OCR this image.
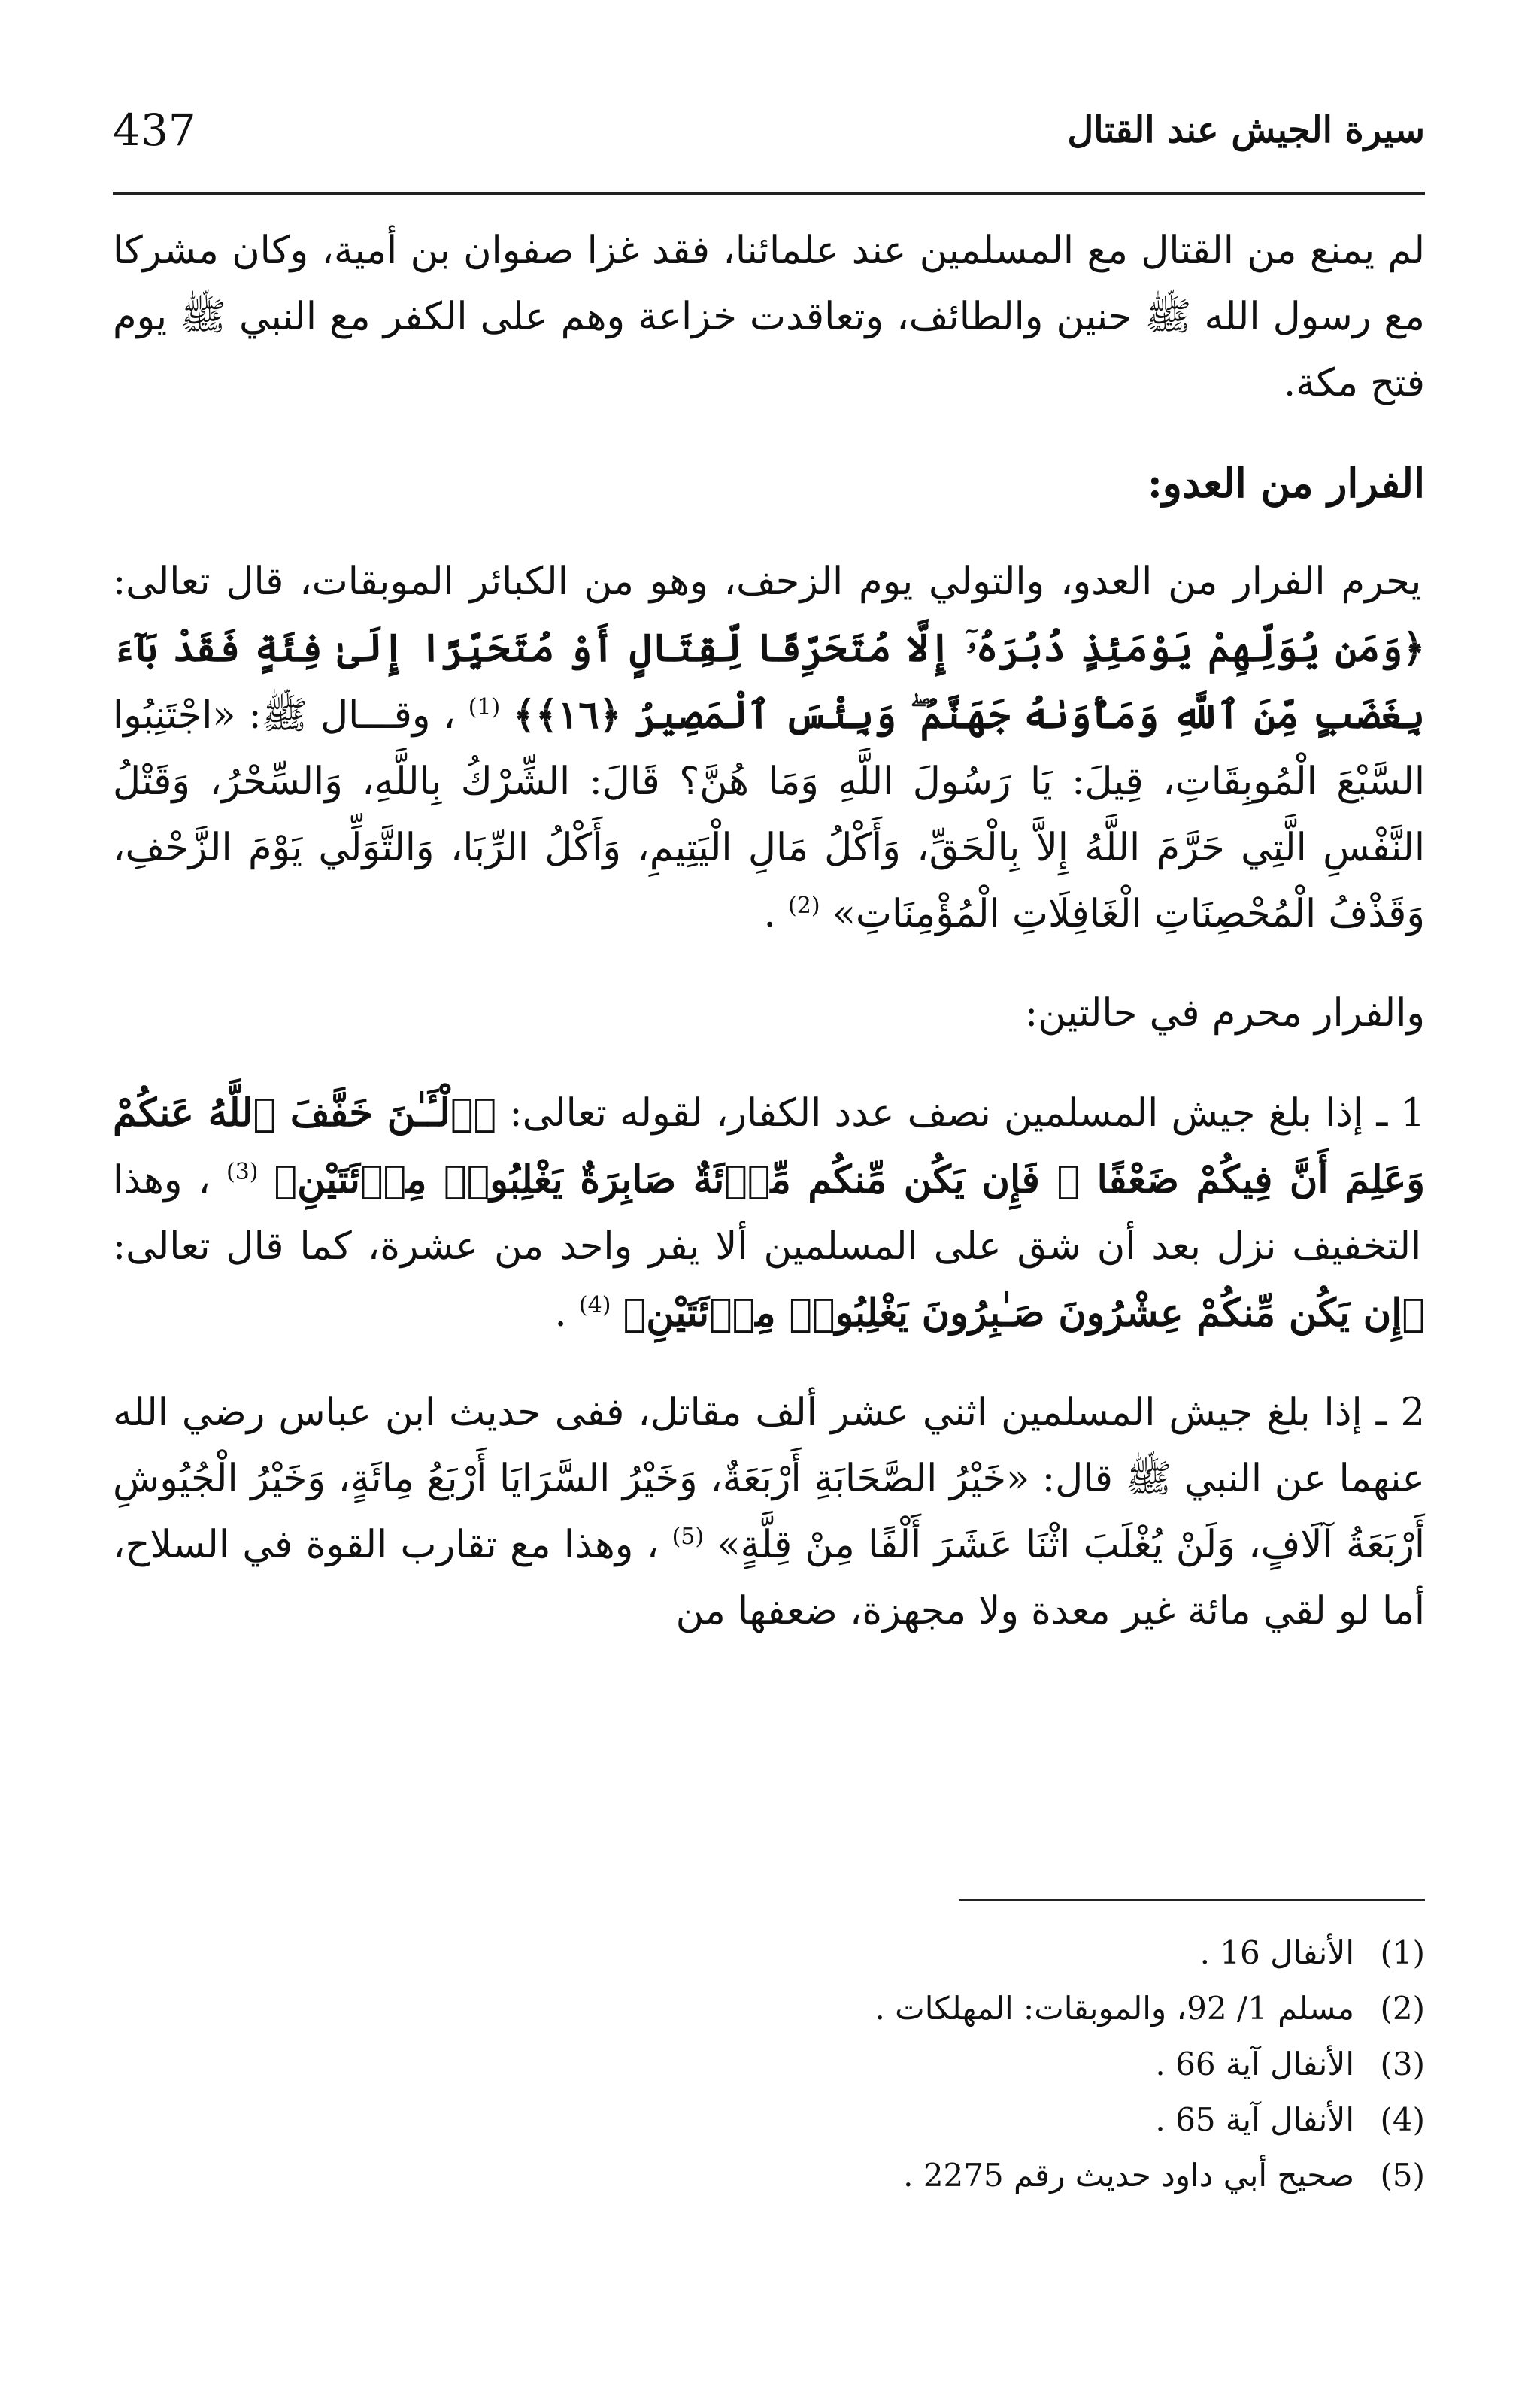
سيرة الجيش عند القتال
437

لم يمنع من القتال مع المسلمين عند علمائنا، فقد غزا صفوان بن أمية، وكان مشركا مع رسول الله ﷺ حنين والطائف، وتعاقدت خزاعة وهم على الكفر مع النبي ﷺ يوم فتح مكة.

الفرار من العدو:

يحرم الفرار من العدو، والتولي يوم الزحف، وهو من الكبائر الموبقات، قال تعالى: ﴿وَمَن يُوَلِّهِمْ يَوْمَئِذٍ دُبُرَهُۥٓ إِلَّا مُتَحَرِّفًا لِّقِتَالٍ أَوْ مُتَحَيِّزًا إِلَىٰ فِئَةٍ فَقَدْ بَآءَ بِغَضَبٍ مِّنَ ٱللَّهِ وَمَأْوَىٰهُ جَهَنَّمُ ۖ وَبِئْسَ ٱلْمَصِيرُ ﴿١٦﴾﴾ $^{(1)}$ ، وقـــال ﷺ: «اجْتَنِبُوا السَّبْعَ الْمُوبِقَاتِ، قِيلَ: يَا رَسُولَ اللَّهِ وَمَا هُنَّ؟ قَالَ: الشِّرْكُ بِاللَّهِ، وَالسِّحْرُ، وَقَتْلُ النَّفْسِ الَّتِي حَرَّمَ اللَّهُ إِلاَّ بِالْحَقِّ، وَأَكْلُ مَالِ الْيَتِيمِ، وَأَكْلُ الرِّبَا، وَالتَّوَلِّي يَوْمَ الزَّحْفِ، وَقَذْفُ الْمُحْصِنَاتِ الْغَافِلَاتِ الْمُؤْمِنَاتِ» $^{(2)}$ .

والفرار محرم في حالتين:

1 ـ إذا بلغ جيش المسلمين نصف عدد الكفار، لقوله تعالى: ﴿ٱلْـَٔـٰنَ خَفَّفَ ٱللَّهُ عَنكُمْ وَعَلِمَ أَنَّ فِيكُمْ ضَعْفًا ۚ فَإِن يَكُن مِّنكُم مِّا۟ئَةٌ صَابِرَةٌ يَغْلِبُوا۟ مِا۟ئَتَيْنِ﴾ $^{(3)}$ ، وهذا التخفيف نزل بعد أن شق على المسلمين ألا يفر واحد من عشرة، كما قال تعالى: ﴿إِن يَكُن مِّنكُمْ عِشْرُونَ صَـٰبِرُونَ يَغْلِبُوا۟ مِا۟ئَتَيْنِ﴾ $^{(4)}$ .

2 ـ إذا بلغ جيش المسلمين اثني عشر ألف مقاتل، ففى حديث ابن عباس رضي الله عنهما عن النبي ﷺ قال: «خَيْرُ الصَّحَابَةِ أَرْبَعَةٌ، وَخَيْرُ السَّرَايَا أَرْبَعُ مِائَةٍ، وَخَيْرُ الْجُيُوشِ أَرْبَعَةُ آلَافٍ، وَلَنْ يُغْلَبَ اثْنَا عَشَرَ أَلْفًا مِنْ قِلَّةٍ» $^{(5)}$ ، وهذا مع تقارب القوة في السلاح، أما لو لقي مائة غير معدة ولا مجهزة، ضعفها من

(1)
الأنفال 16 .
(2)
مسلم 1/ 92، والموبقات: المهلكات .
(3)
الأنفال آية 66 .
(4)
الأنفال آية 65 .
(5)
صحيح أبي داود حديث رقم 2275 .
